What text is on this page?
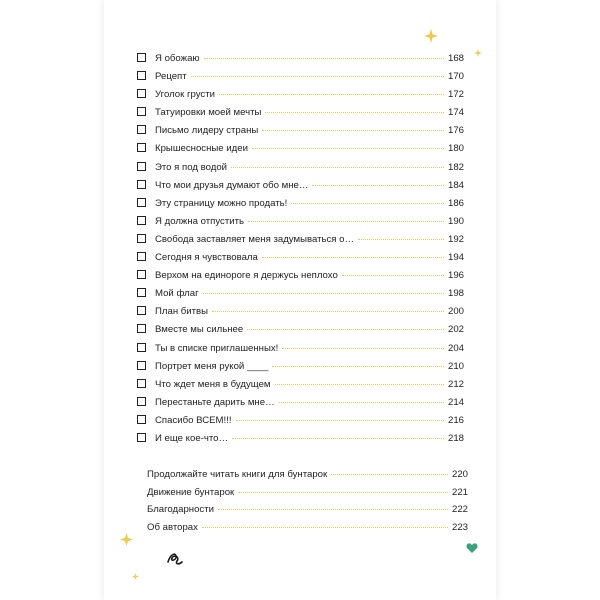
Я обожаю	168
Рецепт	170
Уголок грусти	172
Татуировки моей мечты	174
Письмо лидеру страны	176
Крышесносные идеи	180
Это я под водой	182
Что мои друзья думают обо мне…	184
Эту страницу можно продать!	186
Я должна отпустить	190
Свобода заставляет меня задумываться о…	192
Сегодня я чувствовала	194
Верхом на единороге я держусь неплохо	196
Мой флаг	198
План битвы	200
Вместе мы сильнее	202
Ты в списке приглашенных!	204
Портрет меня рукой ____	210
Что ждет меня в будущем	212
Перестаньте дарить мне…	214
Спасибо ВСЕМ!!!	216
И еще кое-что…	218
Продолжайте читать книги для бунтарок	220
Движение бунтарок	221
Благодарности	222
Об авторах	223
